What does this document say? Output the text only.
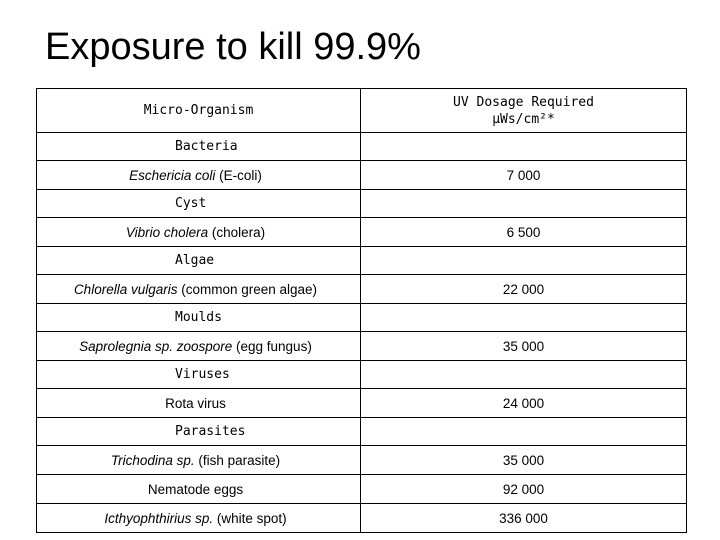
Exposure to kill 99.9%
Micro-Organism	UV Dosage Required
μWs/cm²*
Bacteria	
Eschericia coli (E-coli)	7 000
Cyst	
Vibrio cholera (cholera)	6 500
Algae	
Chlorella vulgaris (common green algae)	22 000
Moulds	
Saprolegnia sp. zoospore (egg fungus)	35 000
Viruses	
Rota virus	24 000
Parasites	
Trichodina sp. (fish parasite)	35 000
Nematode eggs	92 000
Icthyophthirius sp. (white spot)	336 000
